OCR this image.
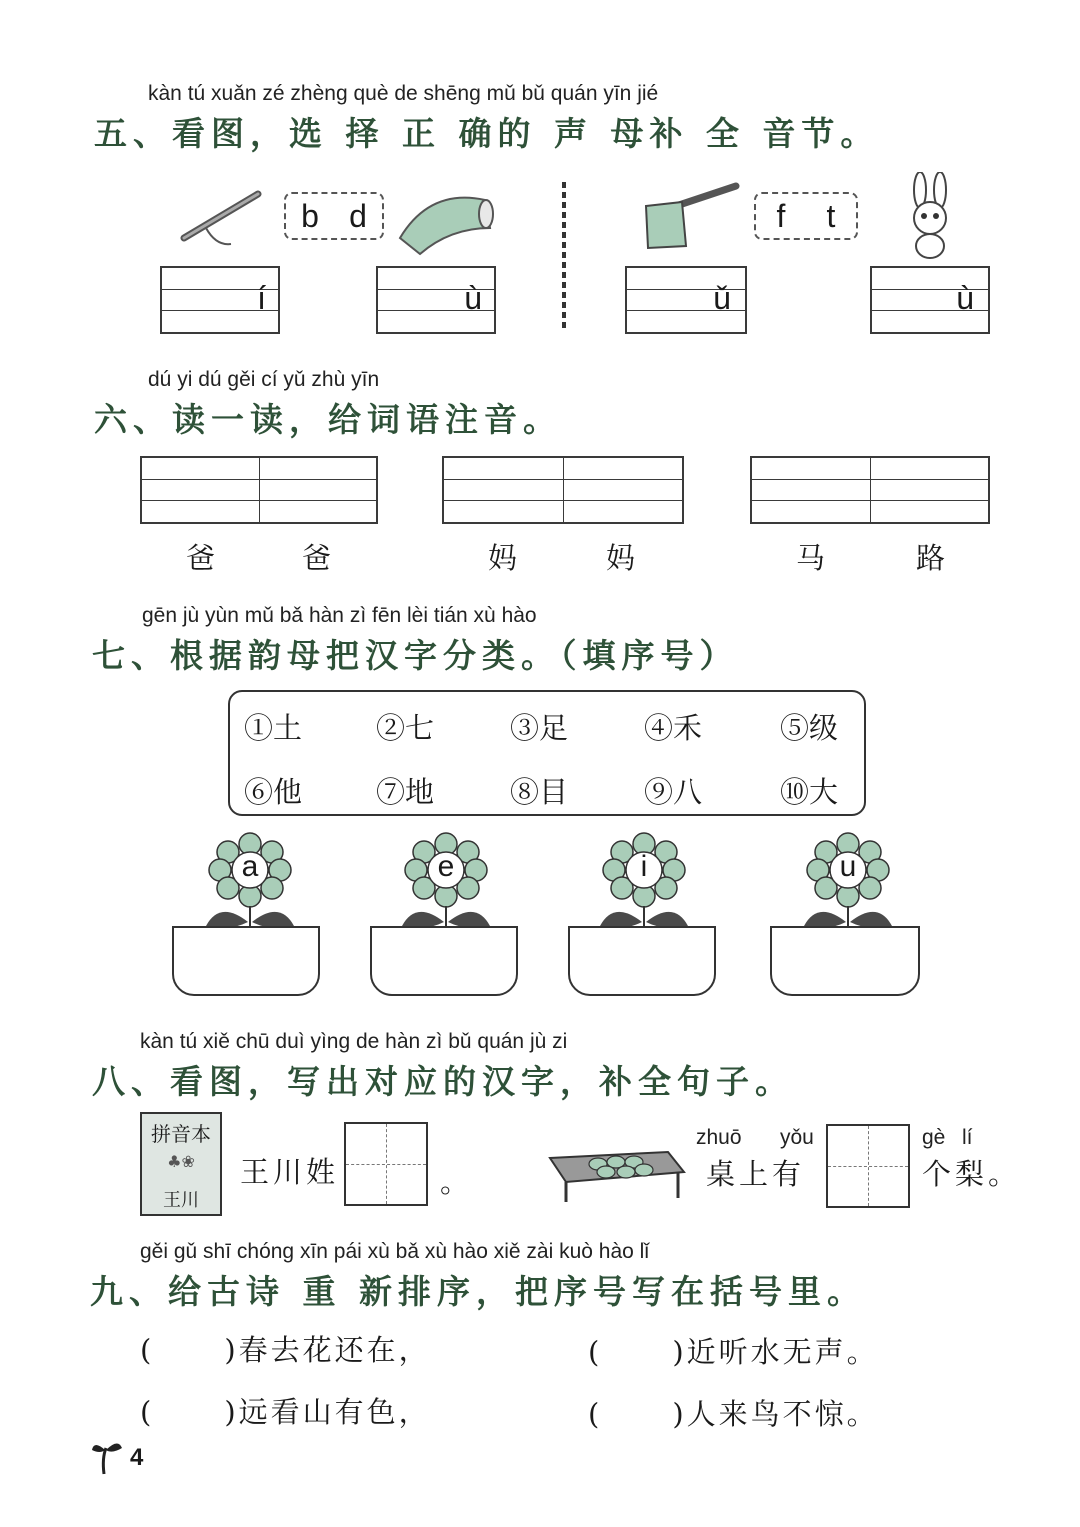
kàn tú xuǎn zé zhèng què de shēng mǔ bǔ quán yīn jié
五、看图，选 择 正 确的 声 母补 全 音节。
b d	f t
í	ù	ǔ	ù
dú yi dú gěi cí yǔ zhù yīn
六、读一读，给词语注音。
爸	爸	妈	妈	马	路
gēn jù yùn mǔ bǎ hàn zì fēn lèi tián xù hào
七、根据韵母把汉字分类。（填序号）
①土	②七	③足	④禾	⑤级
⑥他	⑦地	⑧目	⑨八	⑩大
a	e	i	u
kàn tú xiě chū duì yìng de hàn zì bǔ quán jù zi
八、看图，写出对应的汉字，补全句子。
拼音本
♣❀
王川
王川姓	。
zhuō yǒu
桌上有
gè lí
个梨。
gěi gǔ shī chóng xīn pái xù bǎ xù hào xiě zài kuò hào lǐ
九、给古诗 重 新排序，把序号写在括号里。
( )春去花还在，	( )近听水无声。
( )远看山有色，	( )人来鸟不惊。
4
